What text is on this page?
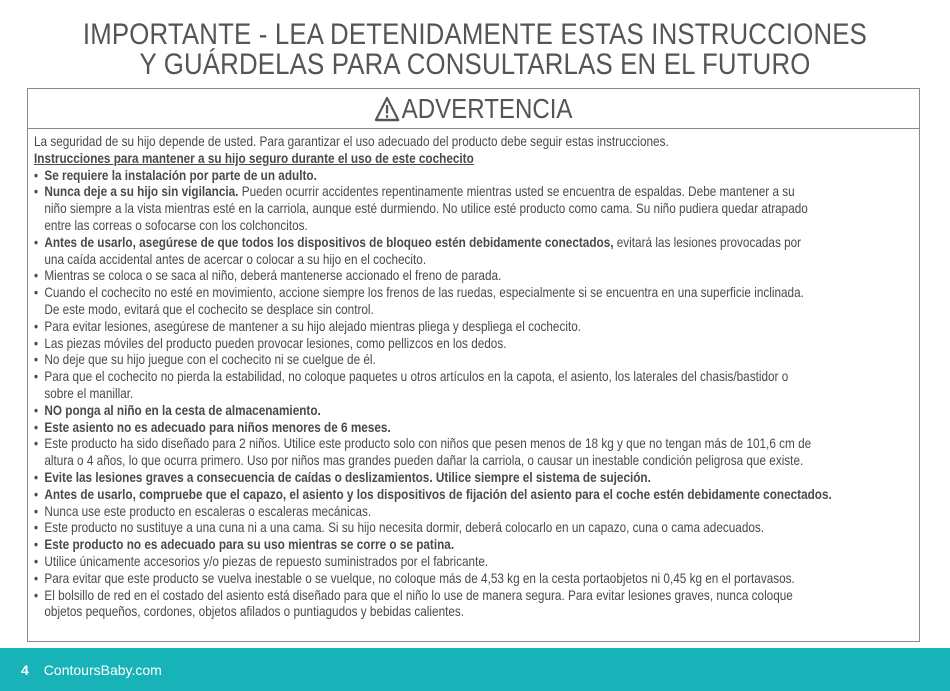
IMPORTANTE - LEA DETENIDAMENTE ESTAS INSTRUCCIONES
Y GUÁRDELAS PARA CONSULTARLAS EN EL FUTURO
ADVERTENCIA

La seguridad de su hijo depende de usted. Para garantizar el uso adecuado del producto debe seguir estas instrucciones.

Instrucciones para mantener a su hijo seguro durante el uso de este cochecito

• Se requiere la instalación por parte de un adulto.
• Nunca deje a su hijo sin vigilancia. Pueden ocurrir accidentes repentinamente mientras usted se encuentra de espaldas. Debe mantener a su
niño siempre a la vista mientras esté en la carriola, aunque esté durmiendo. No utilice esté producto como cama. Su niño pudiera quedar atrapado
entre las correas o sofocarse con los colchoncitos.
• Antes de usarlo, asegúrese de que todos los dispositivos de bloqueo estén debidamente conectados, evitará las lesiones provocadas por
una caída accidental antes de acercar o colocar a su hijo en el cochecito.
• Mientras se coloca o se saca al niño, deberá mantenerse accionado el freno de parada.
• Cuando el cochecito no esté en movimiento, accione siempre los frenos de las ruedas, especialmente si se encuentra en una superficie inclinada.
De este modo, evitará que el cochecito se desplace sin control.
• Para evitar lesiones, asegúrese de mantener a su hijo alejado mientras pliega y despliega el cochecito.
• Las piezas móviles del producto pueden provocar lesiones, como pellizcos en los dedos.
• No deje que su hijo juegue con el cochecito ni se cuelgue de él.
• Para que el cochecito no pierda la estabilidad, no coloque paquetes u otros artículos en la capota, el asiento, los laterales del chasis/bastidor o
sobre el manillar.
• NO ponga al niño en la cesta de almacenamiento.
• Este asiento no es adecuado para niños menores de 6 meses.
• Este producto ha sido diseñado para 2 niños. Utilice este producto solo con niños que pesen menos de 18 kg y que no tengan más de 101,6 cm de
altura o 4 años, lo que ocurra primero. Uso por niños mas grandes pueden dañar la carriola, o causar un inestable condición peligrosa que existe.
• Evite las lesiones graves a consecuencia de caídas o deslizamientos. Utilice siempre el sistema de sujeción.
• Antes de usarlo, compruebe que el capazo, el asiento y los dispositivos de fijación del asiento para el coche estén debidamente conectados.
• Nunca use este producto en escaleras o escaleras mecánicas.
• Este producto no sustituye a una cuna ni a una cama. Si su hijo necesita dormir, deberá colocarlo en un capazo, cuna o cama adecuados.
• Este producto no es adecuado para su uso mientras se corre o se patina.
• Utilice únicamente accesorios y/o piezas de repuesto suministrados por el fabricante.
• Para evitar que este producto se vuelva inestable o se vuelque, no coloque más de 4,53 kg en la cesta portaobjetos ni 0,45 kg en el portavasos.
• El bolsillo de red en el costado del asiento está diseñado para que el niño lo use de manera segura. Para evitar lesiones graves, nunca coloque
objetos pequeños, cordones, objetos afilados o puntiagudos y bebidas calientes.
4 ContoursBaby.com
